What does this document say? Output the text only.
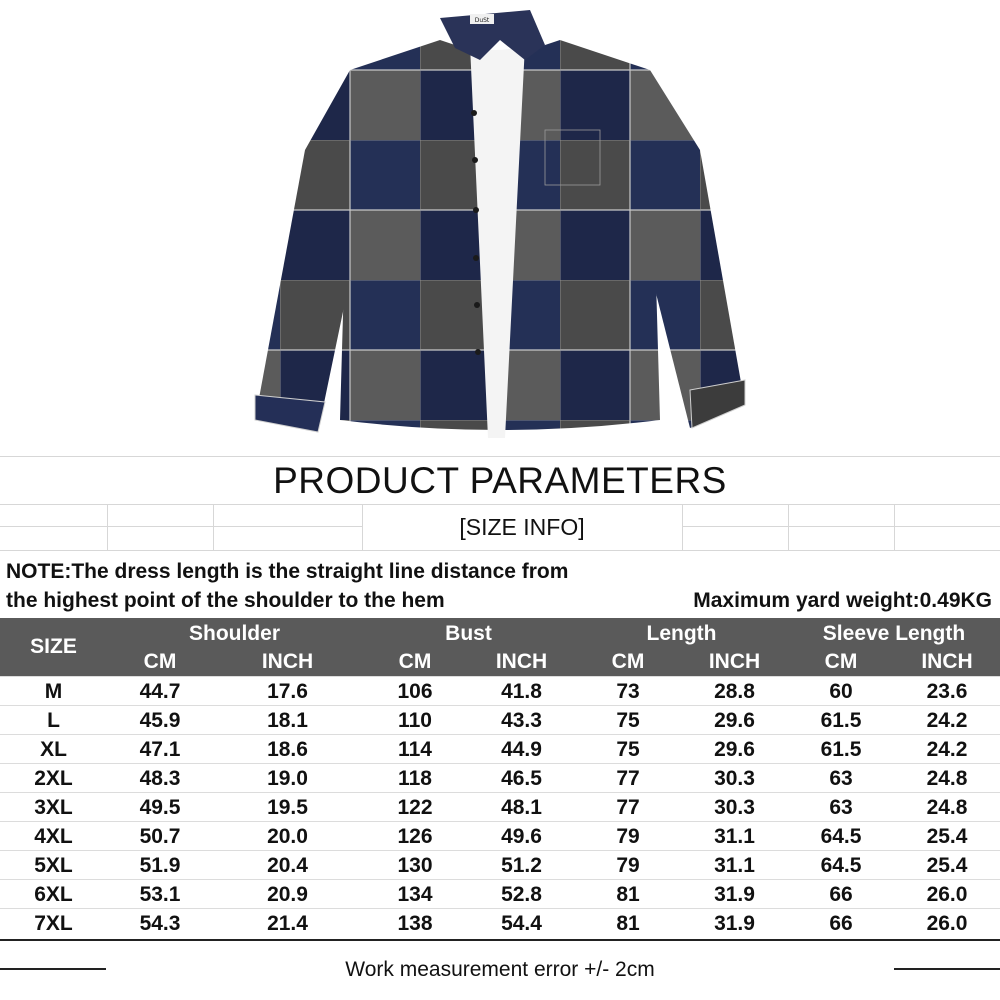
DuSt
PRODUCT PARAMETERS
[SIZE INFO]
NOTE:The dress length is the straight line distance from
the highest point of the shoulder to the hem	Maximum yard weight:0.49KG
SIZE
Shoulder	Bust	Length	Sleeve Length
CM	INCH	CM	INCH	CM	INCH	CM	INCH
M	44.7	17.6	106	41.8	73	28.8	60	23.6
L	45.9	18.1	110	43.3	75	29.6	61.5	24.2
XL	47.1	18.6	114	44.9	75	29.6	61.5	24.2
2XL	48.3	19.0	118	46.5	77	30.3	63	24.8
3XL	49.5	19.5	122	48.1	77	30.3	63	24.8
4XL	50.7	20.0	126	49.6	79	31.1	64.5	25.4
5XL	51.9	20.4	130	51.2	79	31.1	64.5	25.4
6XL	53.1	20.9	134	52.8	81	31.9	66	26.0
7XL	54.3	21.4	138	54.4	81	31.9	66	26.0
Work measurement error +/- 2cm
